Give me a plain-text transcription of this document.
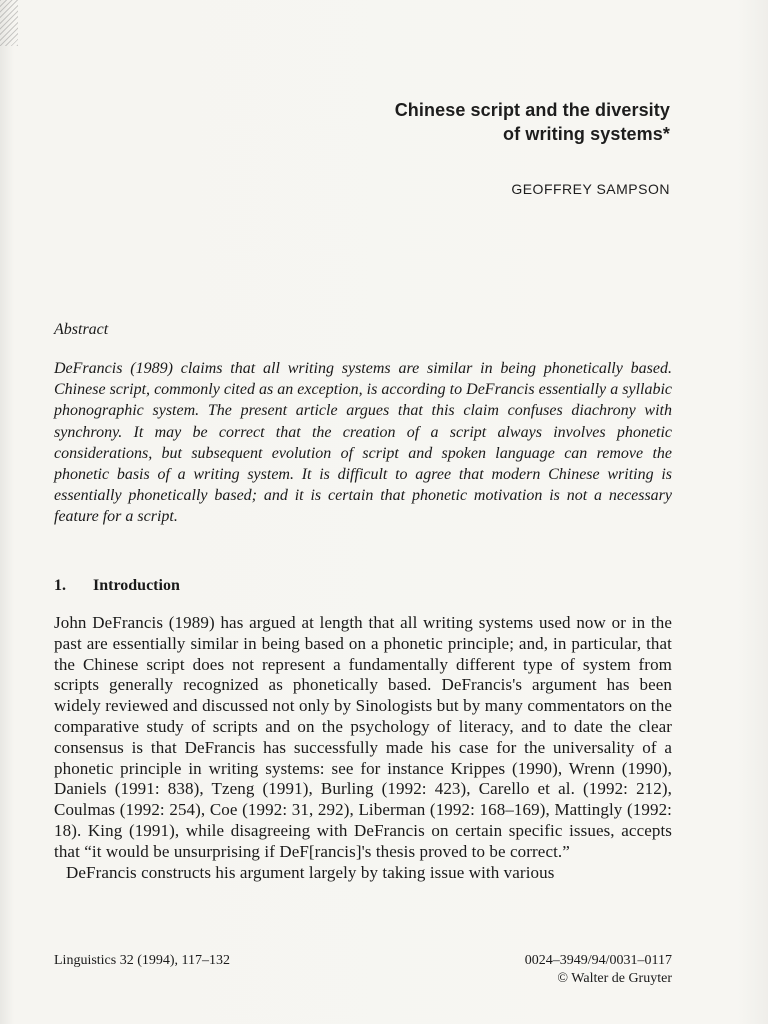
Chinese script and the diversity
of writing systems*
GEOFFREY SAMPSON
Abstract
DeFrancis (1989) claims that all writing systems are similar in being phonetically based. Chinese script, commonly cited as an exception, is according to DeFrancis essentially a syllabic phonographic system. The present article argues that this claim confuses diachrony with synchrony. It may be correct that the creation of a script always involves phonetic considerations, but subsequent evolution of script and spoken language can remove the phonetic basis of a writing system. It is difficult to agree that modern Chinese writing is essentially phonetically based; and it is certain that phonetic motivation is not a necessary feature for a script.
1. Introduction

John DeFrancis (1989) has argued at length that all writing systems used now or in the past are essentially similar in being based on a phonetic principle; and, in particular, that the Chinese script does not represent a fundamentally different type of system from scripts generally recognized as phonetically based. DeFrancis's argument has been widely reviewed and discussed not only by Sinologists but by many commentators on the comparative study of scripts and on the psychology of literacy, and to date the clear consensus is that DeFrancis has successfully made his case for the universality of a phonetic principle in writing systems: see for instance Krippes (1990), Wrenn (1990), Daniels (1991: 838), Tzeng (1991), Burling (1992: 423), Carello et al. (1992: 212), Coulmas (1992: 254), Coe (1992: 31, 292), Liberman (1992: 168–169), Mattingly (1992: 18). King (1991), while disagreeing with DeFrancis on certain specific issues, accepts that “it would be unsurprising if DeF[rancis]'s thesis proved to be correct.”

DeFrancis constructs his argument largely by taking issue with various

Linguistics 32 (1994), 117–132	0024–3949/94/0031–0117
© Walter de Gruyter
